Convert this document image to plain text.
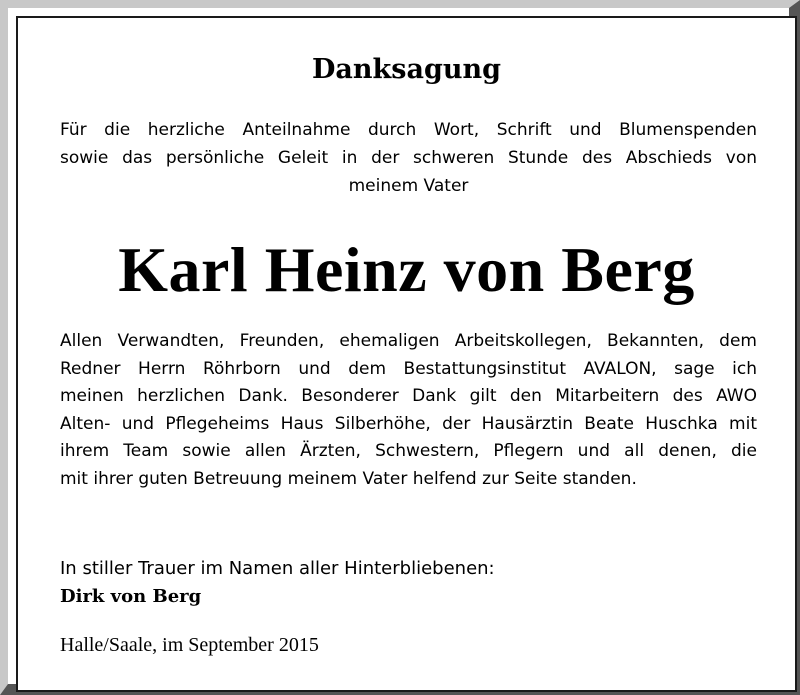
Danksagung

Für die herzliche Anteilnahme durch Wort, Schrift und Blumenspenden
sowie das persönliche Geleit in der schweren Stunde des Abschieds von
meinem Vater

Karl Heinz von Berg

Allen Verwandten, Freunden, ehemaligen Arbeitskollegen, Bekannten, dem
Redner Herrn Röhrborn und dem Bestattungsinstitut AVALON, sage ich
meinen herzlichen Dank. Besonderer Dank gilt den Mitarbeitern des AWO
Alten- und Pflegeheims Haus Silberhöhe, der Hausärztin Beate Huschka mit
ihrem Team sowie allen Ärzten, Schwestern, Pflegern und all denen, die
mit ihrer guten Betreuung meinem Vater helfend zur Seite standen.

In stiller Trauer im Namen aller Hinterbliebenen:

Dirk von Berg

Halle/Saale, im September 2015
